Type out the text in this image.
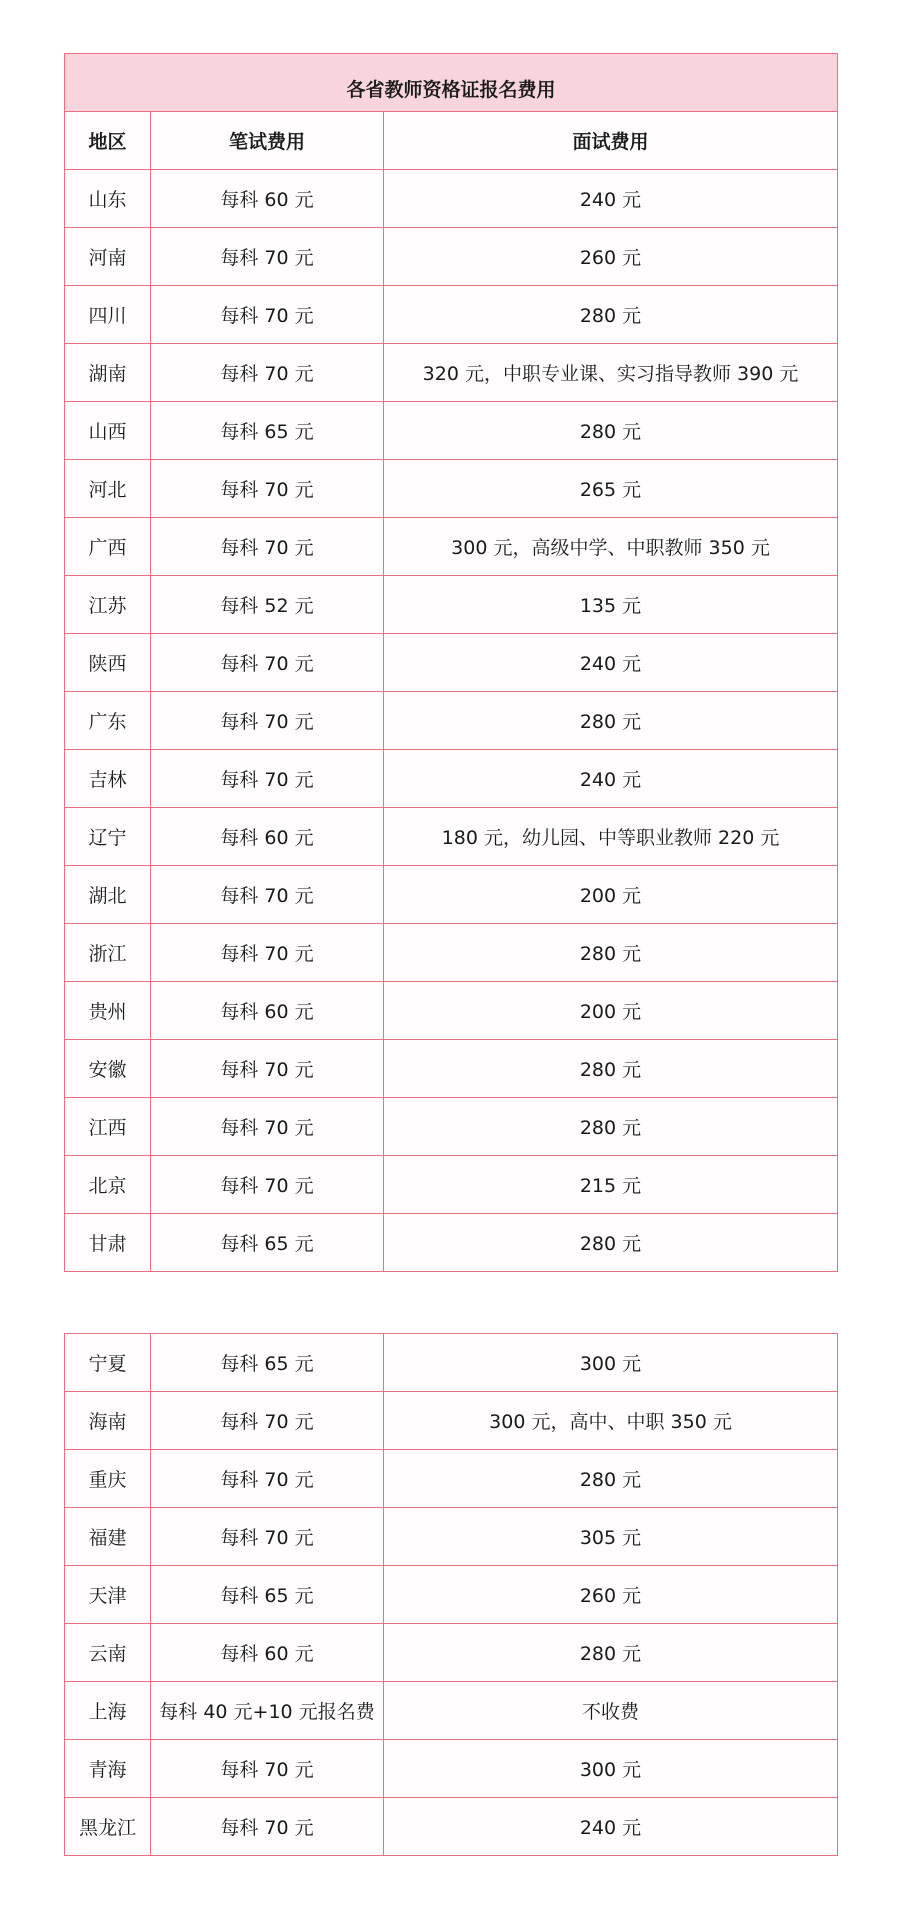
各省教师资格证报名费用		
地区	笔试费用	面试费用
山东	每科 60 元	240 元
河南	每科 70 元	260 元
四川	每科 70 元	280 元
湖南	每科 70 元	320 元，中职专业课、实习指导教师 390 元
山西	每科 65 元	280 元
河北	每科 70 元	265 元
广西	每科 70 元	300 元，高级中学、中职教师 350 元
江苏	每科 52 元	135 元
陕西	每科 70 元	240 元
广东	每科 70 元	280 元
吉林	每科 70 元	240 元
辽宁	每科 60 元	180 元，幼儿园、中等职业教师 220 元
湖北	每科 70 元	200 元
浙江	每科 70 元	280 元
贵州	每科 60 元	200 元
安徽	每科 70 元	280 元
江西	每科 70 元	280 元
北京	每科 70 元	215 元
甘肃	每科 65 元	280 元
宁夏	每科 65 元	300 元
海南	每科 70 元	300 元，高中、中职 350 元
重庆	每科 70 元	280 元
福建	每科 70 元	305 元
天津	每科 65 元	260 元
云南	每科 60 元	280 元
上海	每科 40 元+10 元报名费	不收费
青海	每科 70 元	300 元
黑龙江	每科 70 元	240 元
